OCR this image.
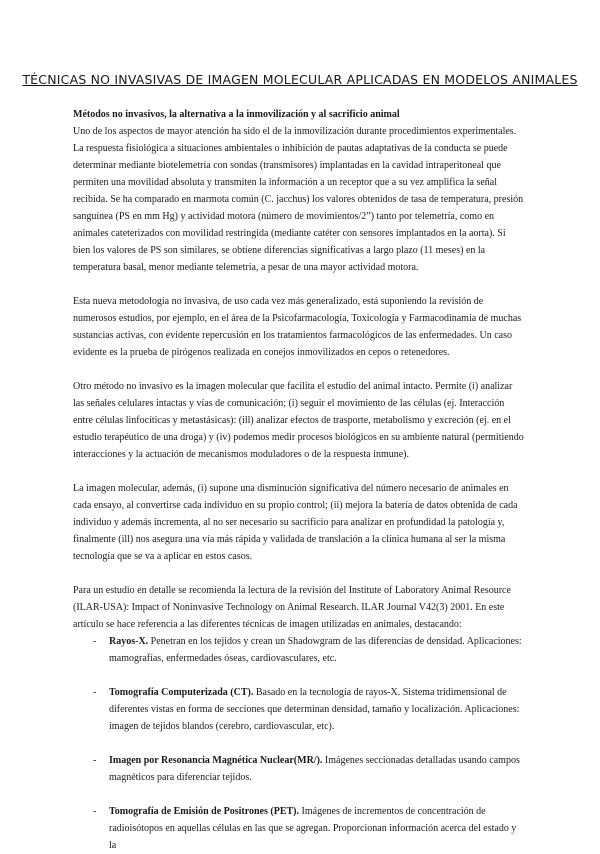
TÉCNICAS NO INVASIVAS DE IMAGEN MOLECULAR APLICADAS EN MODELOS ANIMALES

Métodos no invasivos, la alternativa a la inmovilización y al sacrificio animal

Uno de los aspectos de mayor atención ha sido el de la inmovilización durante procedimientos experimentales. La respuesta fisiológica a situaciones ambientales o inhibición de pautas adaptativas de la conducta se puede determinar mediante biotelemetría con sondas (transmisores) implantadas en la cavidad intraperitoneal que permiten una movilidad absoluta y transmiten la información a un receptor que a su vez amplifica la señal recibida. Se ha comparado en marmota común (C. jacchus) los valores obtenidos de tasa de temperatura, presión sanguínea (PS en mm Hg) y actividad motora (número de movimientos/2”) tanto por telemetría, como en animales cateterizados con movilidad restringida (mediante catéter con sensores implantados en la aorta). Si bien los valores de PS son similares, se obtiene diferencias significativas a largo plazo (11 meses) en la temperatura basal, menor mediante telemetría, a pesar de una mayor actividad motora.

Esta nueva metodología no invasiva, de uso cada vez más generalizado, está suponiendo la revisión de numerosos estudios, por ejemplo, en el área de la Psicofarmacología, Toxicología y Farmacodinamia de muchas sustancias activas, con evidente repercusión en los tratamientos farmacológicos de las enfermedades. Un caso evidente es la prueba de pirógenos realizada en conejos inmovilizados en cepos o retenedores.

Otro método no invasivo es la imagen molecular que facilita el estudio del animal intacto. Permite (i) analizar las señales celulares intactas y vías de comunicación; (i) seguir el movimiento de las células (ej. Interacción entre células linfocíticas y metastásicas): (ill) analizar efectos de trasporte, metabolismo y excreción (ej. en el estudio terapéutico de una droga) y (iv) podemos medir procesos biológicos en su ambiente natural (permitiendo interacciones y la actuación de mecanismos moduladores o de la respuesta inmune).

La imagen molecular, además, (i) supone una disminución significativa del número necesario de animales en cada ensayo, al convertirse cada individuo en su propio control; (ii) mejora la batería de datos obtenida de cada individuo y además incrementa, al no ser necesario su sacrificio para analizar en profundidad la patología y, finalmente (ill) nos asegura una vía más rápida y validada de translación a la clínica humana al ser la misma tecnología que se va a aplicar en estos casos.

Para un estudio en detalle se recomienda la lectura de la revisión del Institute of Laboratory Animal Resource (ILAR-USA): Impact of Noninvasive Technology on Animal Research. ILAR Journal V42(3) 2001. En este artículo se hace referencia a las diferentes técnicas de imagen utilizadas en animales, destacando:

- Rayos-X. Penetran en los tejidos y crean un Shadowgram de las diferencias de densidad. Aplicaciones: mamografías, enfermedades óseas, cardiovasculares, etc.
- Tomografía Computerizada (CT). Basado en la tecnología de rayos-X. Sistema tridimensional de diferentes vistas en forma de secciones que determinan densidad, tamaño y localización. Aplicaciones: imagen de tejidos blandos (cerebro, cardiovascular, etc).
- Imagen por Resonancia Magnética Nuclear(MR/). Imágenes seccionadas detalladas usando campos magnéticos para diferenciar tejidos.
- Tomografía de Emisión de Positrones (PET). Imágenes de incrementos de concentración de radioisótopos en aquellas células en las que se agregan. Proporcionan información acerca del estado y la
